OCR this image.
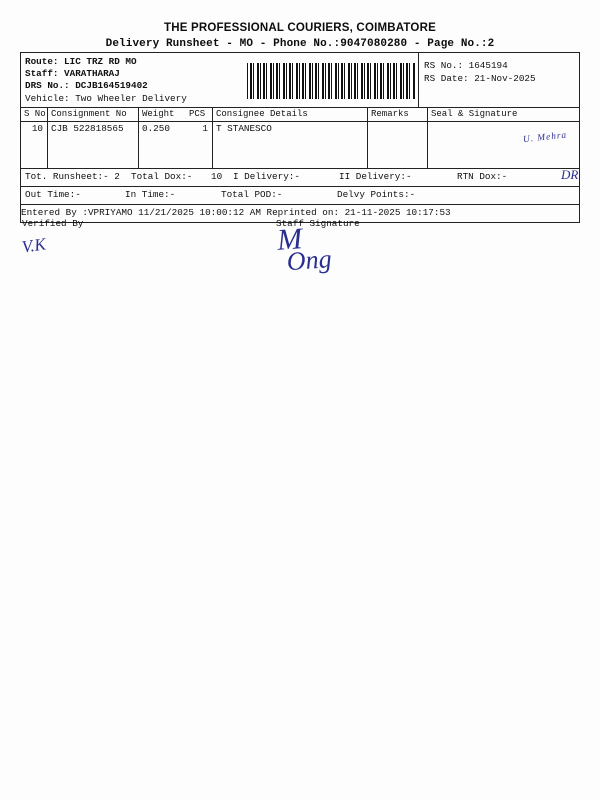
THE PROFESSIONAL COURIERS, COIMBATORE
Delivery Runsheet - MO - Phone No.:9047080280 - Page No.:2
Route: LIC TRZ RD MO
Staff: VARATHARAJ
DRS No.: DCJB164519402
Vehicle: Two Wheeler Delivery
RS No.: 1645194
RS Date: 21-Nov-2025
S No Consignment No	Weight	PCS	Consignee Details	Remarks	Seal & Signature
10 CJB 522818565	0.250	1 T STANESCO
U. Mehra
Tot. Runsheet:- 2 Total Dox:- 10 I Delivery:-	II Delivery:-	RTN Dox:-	DR
Out Time:-	In Time:-	Total POD:-	Delvy Points:-
Entered By :VPRIYAMO 11/21/2025 10:00:12 AM Reprinted on: 21-11-2025 10:17:53
Verified By	Staff Signature
V.K	M
Ong
